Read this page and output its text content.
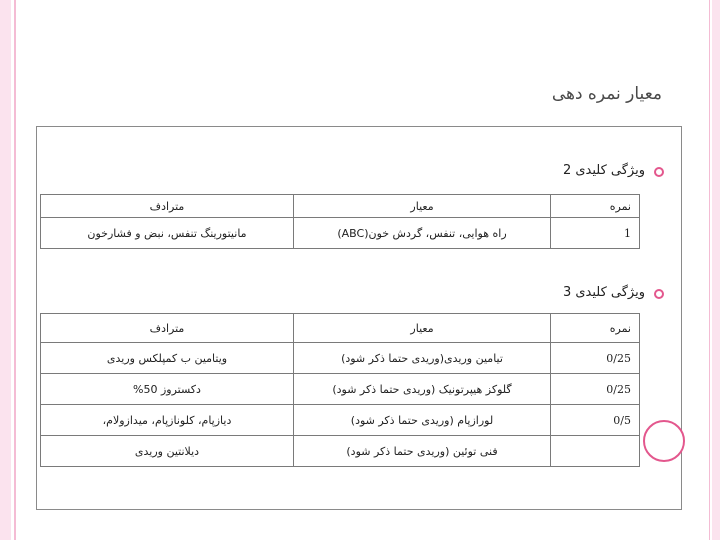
معیار نمره دهی
ویژگی کلیدی 2
نمره	معیار	مترادف
1	راه هوایی، تنفس، گردش خون(ABC)	مانیتورینگ تنفس، نبض و فشارخون
ویژگی کلیدی 3
نمره	معیار	مترادف
0/25	تیامین وریدی(وریدی حتما ذکر شود)	ویتامین ب کمپلکس وریدی
0/25	گلوکز هیپرتونیک (وریدی حتما ذکر شود)	دکستروز 50%
0/5	لورازپام (وریدی حتما ذکر شود)	دیازپام، کلونازپام، میدازولام،
	فنی توئین (وریدی حتما ذکر شود)	دیلانتین وریدی
